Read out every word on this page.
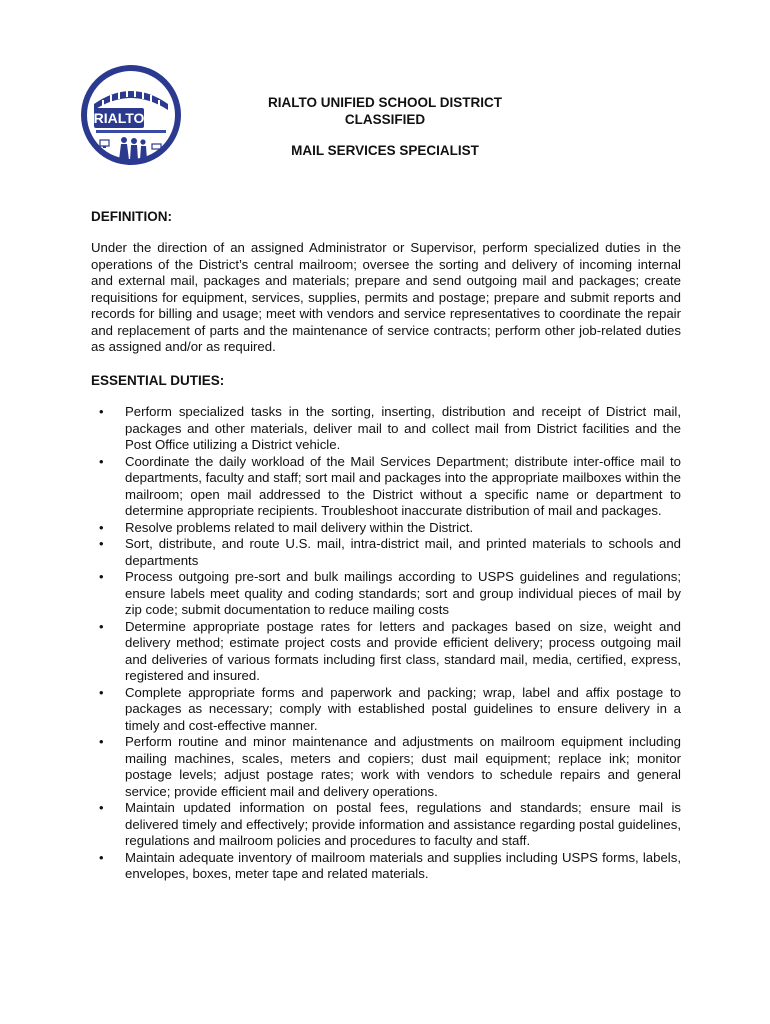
RIALTO
RIALTO UNIFIED SCHOOL DISTRICT
CLASSIFIED
MAIL SERVICES SPECIALIST
DEFINITION:
Under the direction of an assigned Administrator or Supervisor, perform specialized duties in the operations of the District’s central mailroom; oversee the sorting and delivery of incoming internal and external mail, packages and materials; prepare and send outgoing mail and packages; create requisitions for equipment, services, supplies, permits and postage; prepare and submit reports and records for billing and usage; meet with vendors and service representatives to coordinate the repair and replacement of parts and the maintenance of service contracts; perform other job-related duties as assigned and/or as required.
ESSENTIAL DUTIES:
• Perform specialized tasks in the sorting, inserting, distribution and receipt of District mail, packages and other materials, deliver mail to and collect mail from District facilities and the Post Office utilizing a District vehicle.
• Coordinate the daily workload of the Mail Services Department; distribute inter-office mail to departments, faculty and staff; sort mail and packages into the appropriate mailboxes within the mailroom; open mail addressed to the District without a specific name or department to determine appropriate recipients. Troubleshoot inaccurate distribution of mail and packages.
• Resolve problems related to mail delivery within the District.
• Sort, distribute, and route U.S. mail, intra-district mail, and printed materials to schools and departments
• Process outgoing pre-sort and bulk mailings according to USPS guidelines and regulations; ensure labels meet quality and coding standards; sort and group individual pieces of mail by zip code; submit documentation to reduce mailing costs
• Determine appropriate postage rates for letters and packages based on size, weight and delivery method; estimate project costs and provide efficient delivery; process outgoing mail and deliveries of various formats including first class, standard mail, media, certified, express, registered and insured.
• Complete appropriate forms and paperwork and packing; wrap, label and affix postage to packages as necessary; comply with established postal guidelines to ensure delivery in a timely and cost-effective manner.
• Perform routine and minor maintenance and adjustments on mailroom equipment including mailing machines, scales, meters and copiers; dust mail equipment; replace ink; monitor postage levels; adjust postage rates; work with vendors to schedule repairs and general service; provide efficient mail and delivery operations.
• Maintain updated information on postal fees, regulations and standards; ensure mail is delivered timely and effectively; provide information and assistance regarding postal guidelines, regulations and mailroom policies and procedures to faculty and staff.
• Maintain adequate inventory of mailroom materials and supplies including USPS forms, labels, envelopes, boxes, meter tape and related materials.
